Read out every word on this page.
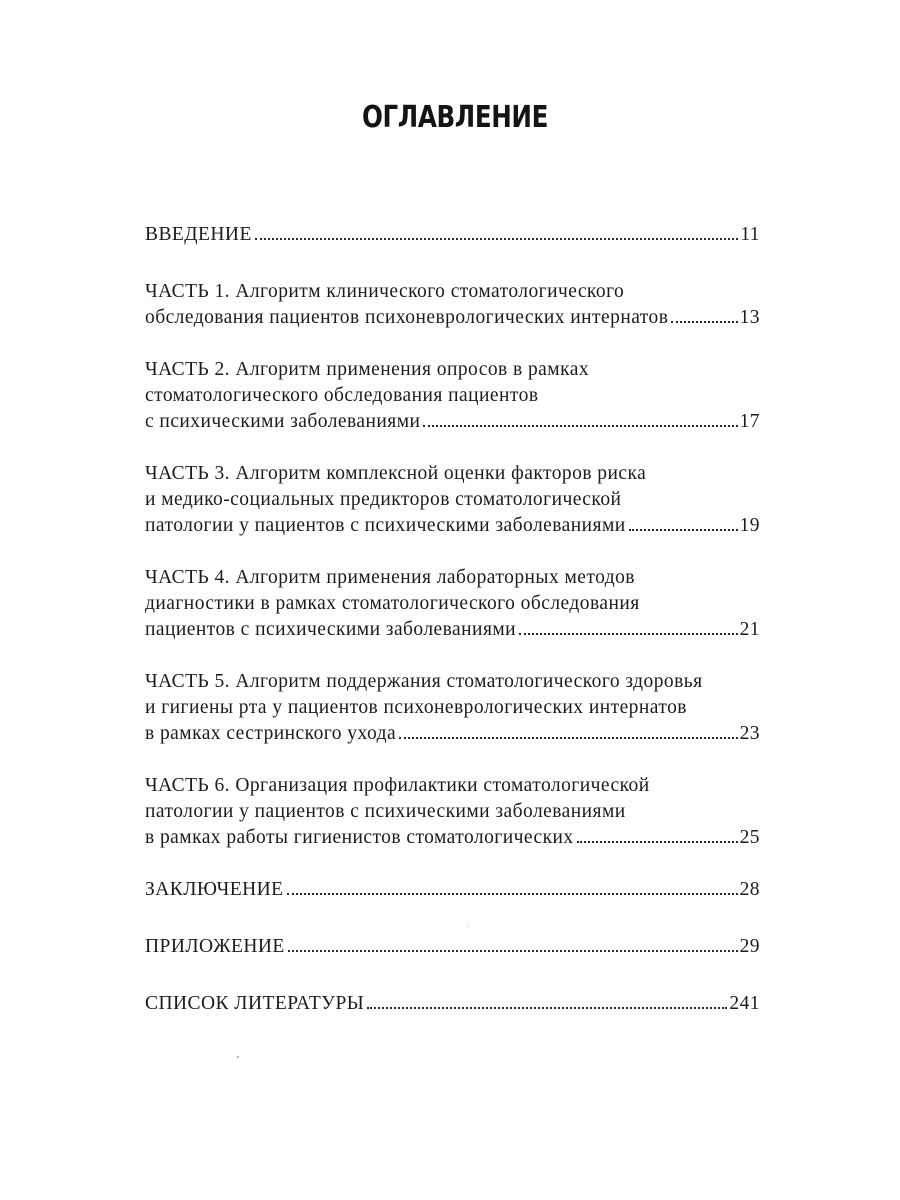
ОГЛАВЛЕНИЕ
ВВЕДЕНИЕ	11
ЧАСТЬ 1. Алгоритм клинического стоматологического
обследования пациентов психоневрологических интернатов	13
ЧАСТЬ 2. Алгоритм применения опросов в рамках
стоматологического обследования пациентов
с психическими заболеваниями	17
ЧАСТЬ 3. Алгоритм комплексной оценки факторов риска
и медико-социальных предикторов стоматологической
патологии у пациентов с психическими заболеваниями	19
ЧАСТЬ 4. Алгоритм применения лабораторных методов
диагностики в рамках стоматологического обследования
пациентов с психическими заболеваниями	21
ЧАСТЬ 5. Алгоритм поддержания стоматологического здоровья
и гигиены рта у пациентов психоневрологических интернатов
в рамках сестринского ухода	23
ЧАСТЬ 6. Организация профилактики стоматологической
патологии у пациентов с психическими заболеваниями
в рамках работы гигиенистов стоматологических	25
ЗАКЛЮЧЕНИЕ	28
ПРИЛОЖЕНИЕ	29
СПИСОК ЛИТЕРАТУРЫ	241
